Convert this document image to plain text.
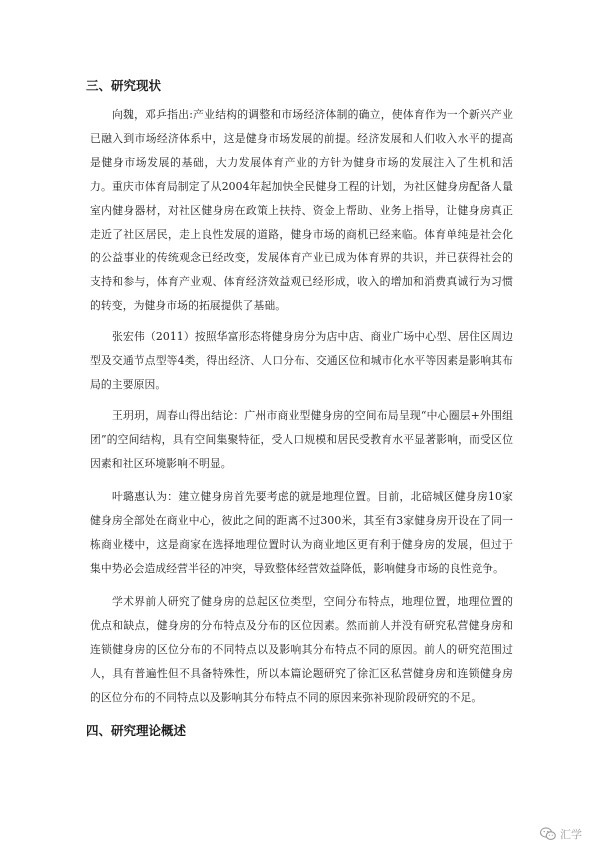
三、研究现状

向魏，邓乒指出:产业结构的调整和市场经济体制的确立，使体育作为一个新兴产业已融入到市场经济体系中，这是健身市场发展的前提。经济发展和人们收入水平的提高是健身市场发展的基础，大力发展体育产业的方针为健身市场的发展注入了生机和活力。重庆市体育局制定了从2004年起加快全民健身工程的计划，为社区健身房配备人量室内健身器材，对社区健身房在政策上扶持、资金上帮助、业务上指导，让健身房真正走近了社区居民，走上良性发展的道路，健身市场的商机已经来临。体育单纯是社会化的公益事业的传统观念已经改变，发展体育产业已成为体育界的共识，并已获得社会的支持和参与，体育产业观、体育经济效益观已经形成，收入的增加和消费真诚行为习惯的转变，为健身市场的拓展提供了基础。

张宏伟（2011）按照华富形态将健身房分为店中店、商业广场中心型、居住区周边型及交通节点型等4类，得出经济、人口分布、交通区位和城市化水平等因素是影响其布局的主要原因。

王玥玥，周春山得出结论：广州市商业型健身房的空间布局呈现“中心圈层+外围组团”的空间结构，具有空间集聚特征，受人口规模和居民受教育水平显著影响，而受区位因素和社区环境影响不明显。

叶璐惠认为：建立健身房首先要考虑的就是地理位置。目前，北碚城区健身房10家健身房全部处在商业中心，彼此之间的距离不过300米，其至有3家健身房开设在了同一栋商业楼中，这是商家在选择地理位置时认为商业地区更有利于健身房的发展，但过于集中势必会造成经营半径的冲突，导致整体经营效益降低，影响健身市场的良性竞争。

学术界前人研究了健身房的总起区位类型，空间分布特点，地理位置，地理位置的优点和缺点，健身房的分布特点及分布的区位因素。然而前人并没有研究私营健身房和连锁健身房的区位分布的不同特点以及影响其分布特点不同的原因。前人的研究范围过人，具有普遍性但不具备特殊性，所以本篇论题研究了徐汇区私营健身房和连锁健身房的区位分布的不同特点以及影响其分布特点不同的原因来弥补现阶段研究的不足。

四、研究理论概述
汇学
